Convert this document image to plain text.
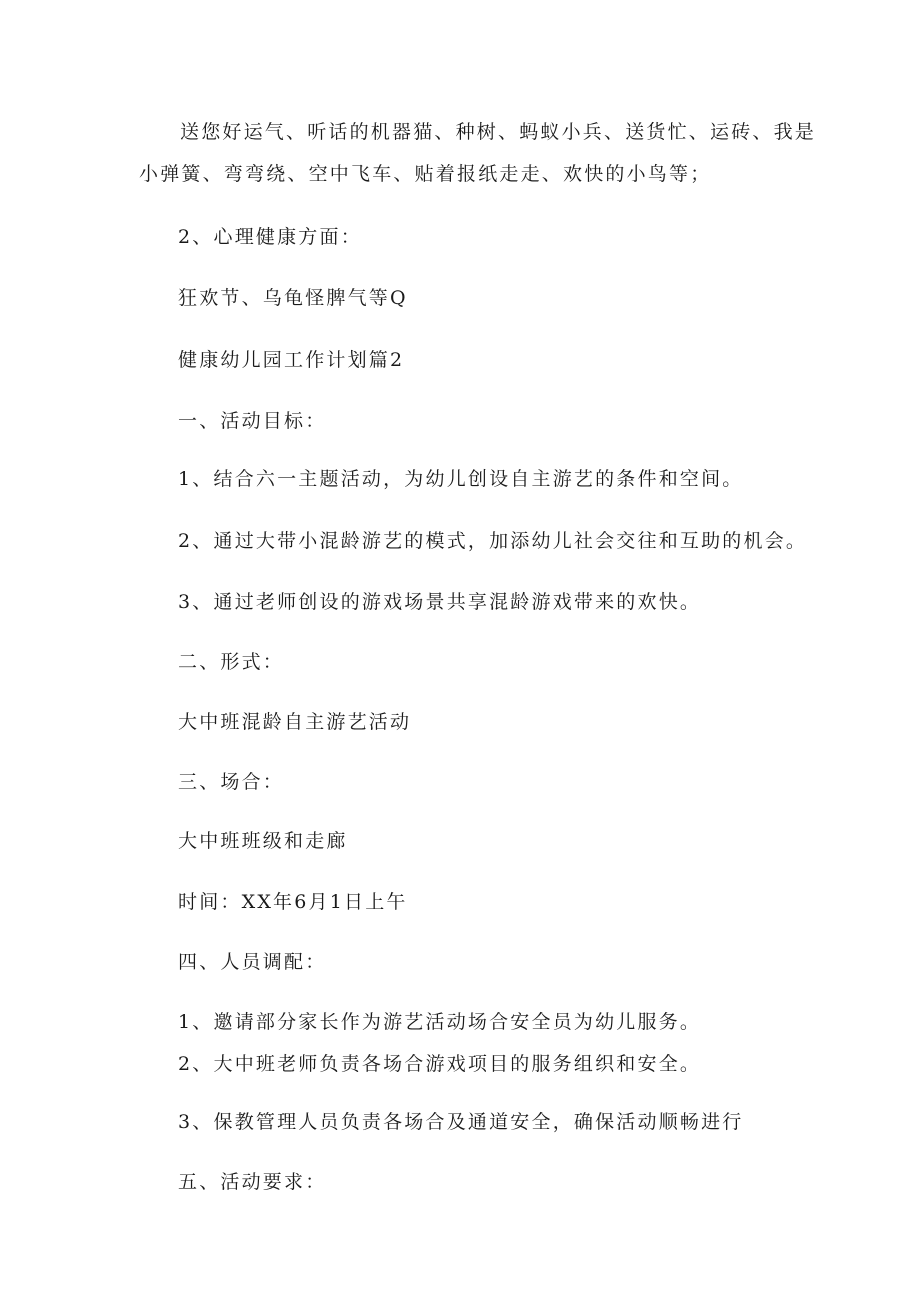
送您好运气、听话的机器猫、种树、蚂蚁小兵、送货忙、运砖、我是
小弹簧、弯弯绕、空中飞车、贴着报纸走走、欢快的小鸟等；
2、心理健康方面：
狂欢节、乌龟怪脾气等Q
健康幼儿园工作计划篇2
一、活动目标：
1、结合六一主题活动，为幼儿创设自主游艺的条件和空间。
2、通过大带小混龄游艺的模式，加添幼儿社会交往和互助的机会。
3、通过老师创设的游戏场景共享混龄游戏带来的欢快。
二、形式：
大中班混龄自主游艺活动
三、场合：
大中班班级和走廊
时间：XX年6月1日上午
四、人员调配：
1、邀请部分家长作为游艺活动场合安全员为幼儿服务。
2、大中班老师负责各场合游戏项目的服务组织和安全。
3、保教管理人员负责各场合及通道安全，确保活动顺畅进行
五、活动要求：
